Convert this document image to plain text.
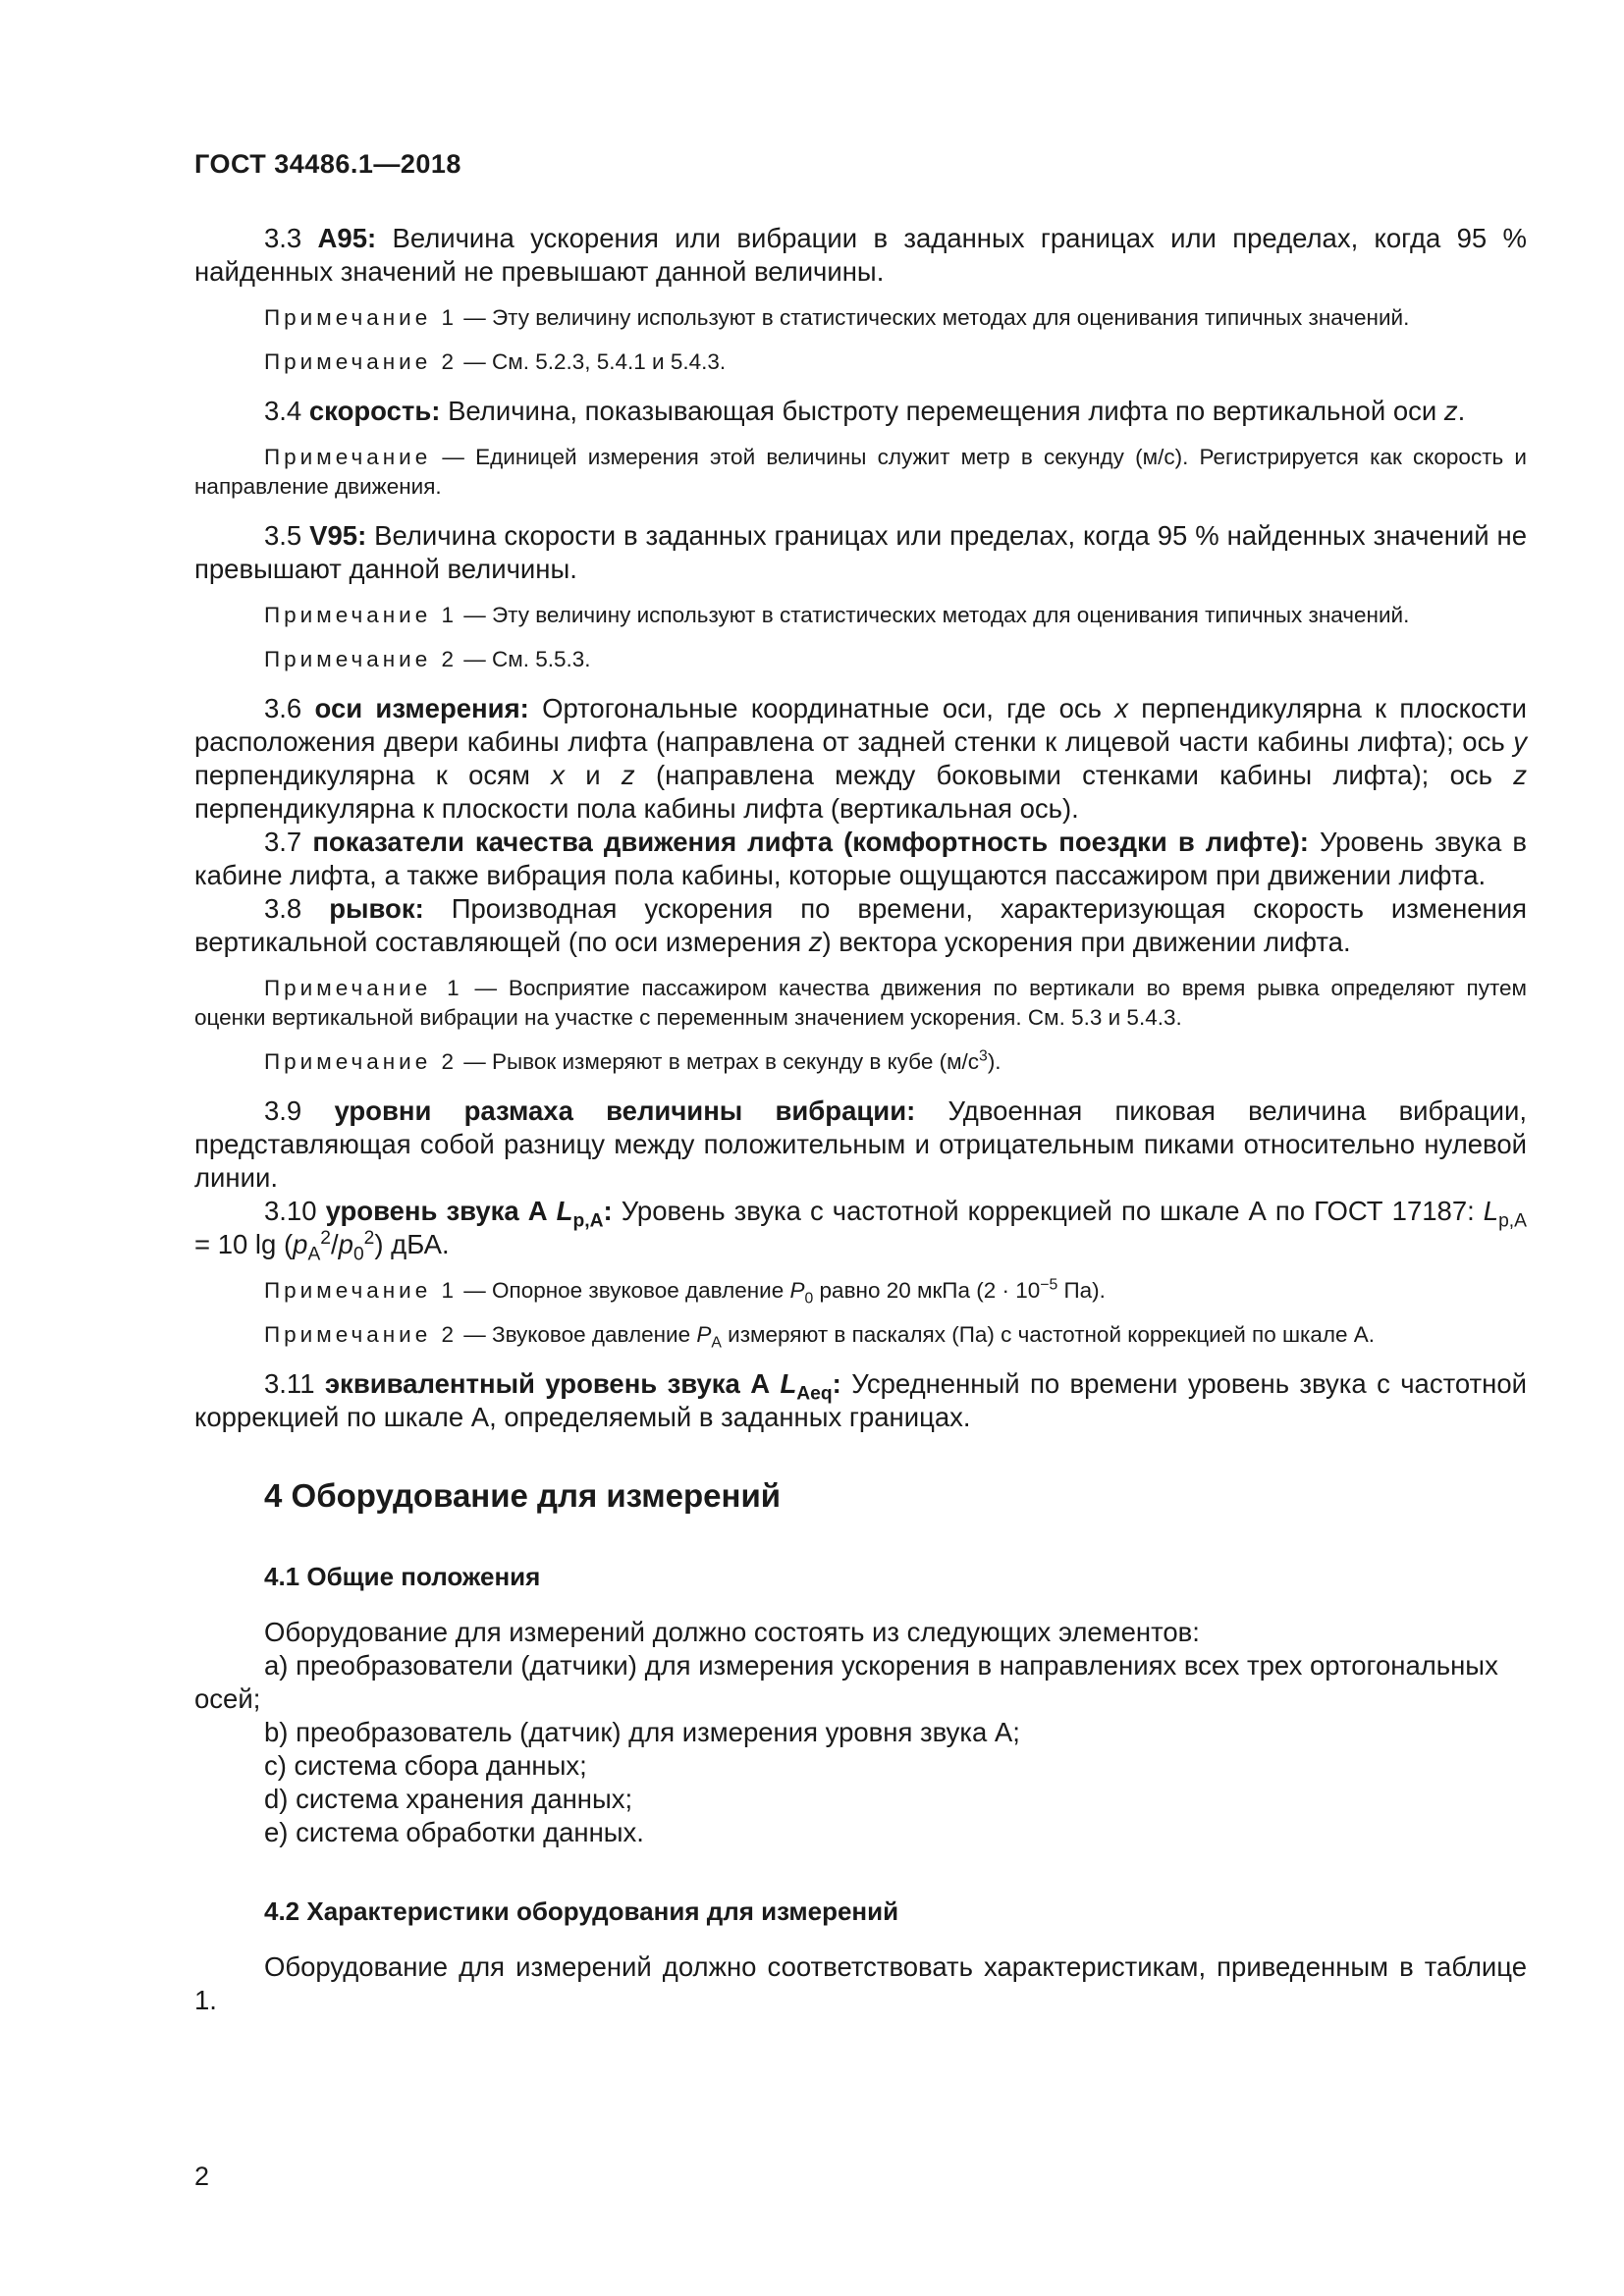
ГОСТ 34486.1—2018

3.3 A95: Величина ускорения или вибрации в заданных границах или пределах, когда 95 % найденных значений не превышают данной величины.

Примечание 1 — Эту величину используют в статистических методах для оценивания типичных значений.

Примечание 2 — См. 5.2.3, 5.4.1 и 5.4.3.

3.4 скорость: Величина, показывающая быстроту перемещения лифта по вертикальной оси z.

Примечание — Единицей измерения этой величины служит метр в секунду (м/с). Регистрируется как скорость и направление движения.

3.5 V95: Величина скорости в заданных границах или пределах, когда 95 % найденных значений не превышают данной величины.

Примечание 1 — Эту величину используют в статистических методах для оценивания типичных значений.

Примечание 2 — См. 5.5.3.

3.6 оси измерения: Ортогональные координатные оси, где ось x перпендикулярна к плоскости расположения двери кабины лифта (направлена от задней стенки к лицевой части кабины лифта); ось y перпендикулярна к осям x и z (направлена между боковыми стенками кабины лифта); ось z перпендикулярна к плоскости пола кабины лифта (вертикальная ось).

3.7 показатели качества движения лифта (комфортность поездки в лифте): Уровень звука в кабине лифта, а также вибрация пола кабины, которые ощущаются пассажиром при движении лифта.

3.8 рывок: Производная ускорения по времени, характеризующая скорость изменения вертикальной составляющей (по оси измерения z) вектора ускорения при движении лифта.

Примечание 1 — Восприятие пассажиром качества движения по вертикали во время рывка определяют путем оценки вертикальной вибрации на участке с переменным значением ускорения. См. 5.3 и 5.4.3.

Примечание 2 — Рывок измеряют в метрах в секунду в кубе $(м/с^3)$.

3.9 уровни размаха величины вибрации: Удвоенная пиковая величина вибрации, представляющая собой разницу между положительным и отрицательным пиками относительно нулевой линии.

3.10 уровень звука А $L_{p,A}$: Уровень звука с частотной коррекцией по шкале А по ГОСТ 17187: $L_{p,A} = 10$ $\lg (p_A^2/p_0^2)$ дБА.

Примечание 1 — Опорное звуковое давление $P_0$ равно 20 мкПа ($2 \cdot 10^{-5}$ Па).

Примечание 2 — Звуковое давление $P_A$ измеряют в паскалях (Па) с частотной коррекцией по шкале А.

3.11 эквивалентный уровень звука А $L_{Aeq}$: Усредненный по времени уровень звука с частотной коррекцией по шкале А, определяемый в заданных границах.

4 Оборудование для измерений

4.1 Общие положения

Оборудование для измерений должно состоять из следующих элементов:

а) преобразователи (датчики) для измерения ускорения в направлениях всех трех ортогональных осей;

b) преобразователь (датчик) для измерения уровня звука А;

с) система сбора данных;

d) система хранения данных;

е) система обработки данных.

4.2 Характеристики оборудования для измерений

Оборудование для измерений должно соответствовать характеристикам, приведенным в таблице 1.

2
